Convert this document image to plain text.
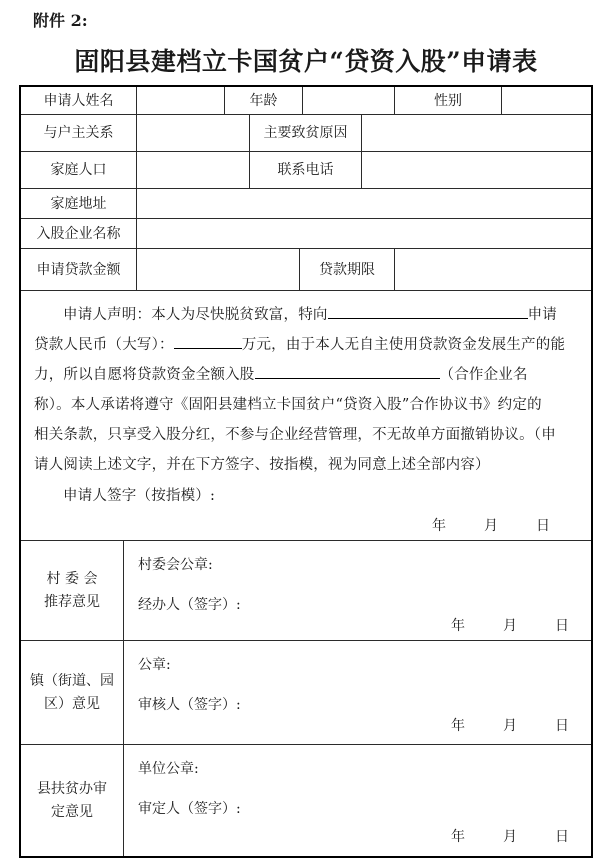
附件 2:
固阳县建档立卡国贫户“贷资入股”申请表
申请人姓名	年龄	性别
与户主关系	主要致贫原因
家庭人口	联系电话
家庭地址
入股企业名称
申请贷款金额	贷款期限
申请人声明：本人为尽快脱贫致富，特向	申请
贷款人民币（大写）：	万元，由于本人无自主使用贷款资金发展生产的能
力，所以自愿将贷款资金全额入股	（合作企业名
称）。本人承诺将遵守《固阳县建档立卡国贫户“贷资入股”合作协议书》约定的
相关条款，只享受入股分红，不参与企业经营管理，不无故单方面撤销协议。（申
请人阅读上述文字，并在下方签字、按指模，视为同意上述全部内容）
申请人签字（按指模）:
年	月	日
村 委 会
推荐意见
村委会公章:
经办人（签字）:
年	月	日
镇（街道、园
区）意见
公章:
审核人（签字）:
年	月	日
县扶贫办审
定意见
单位公章:
审定人（签字）:
年	月	日
